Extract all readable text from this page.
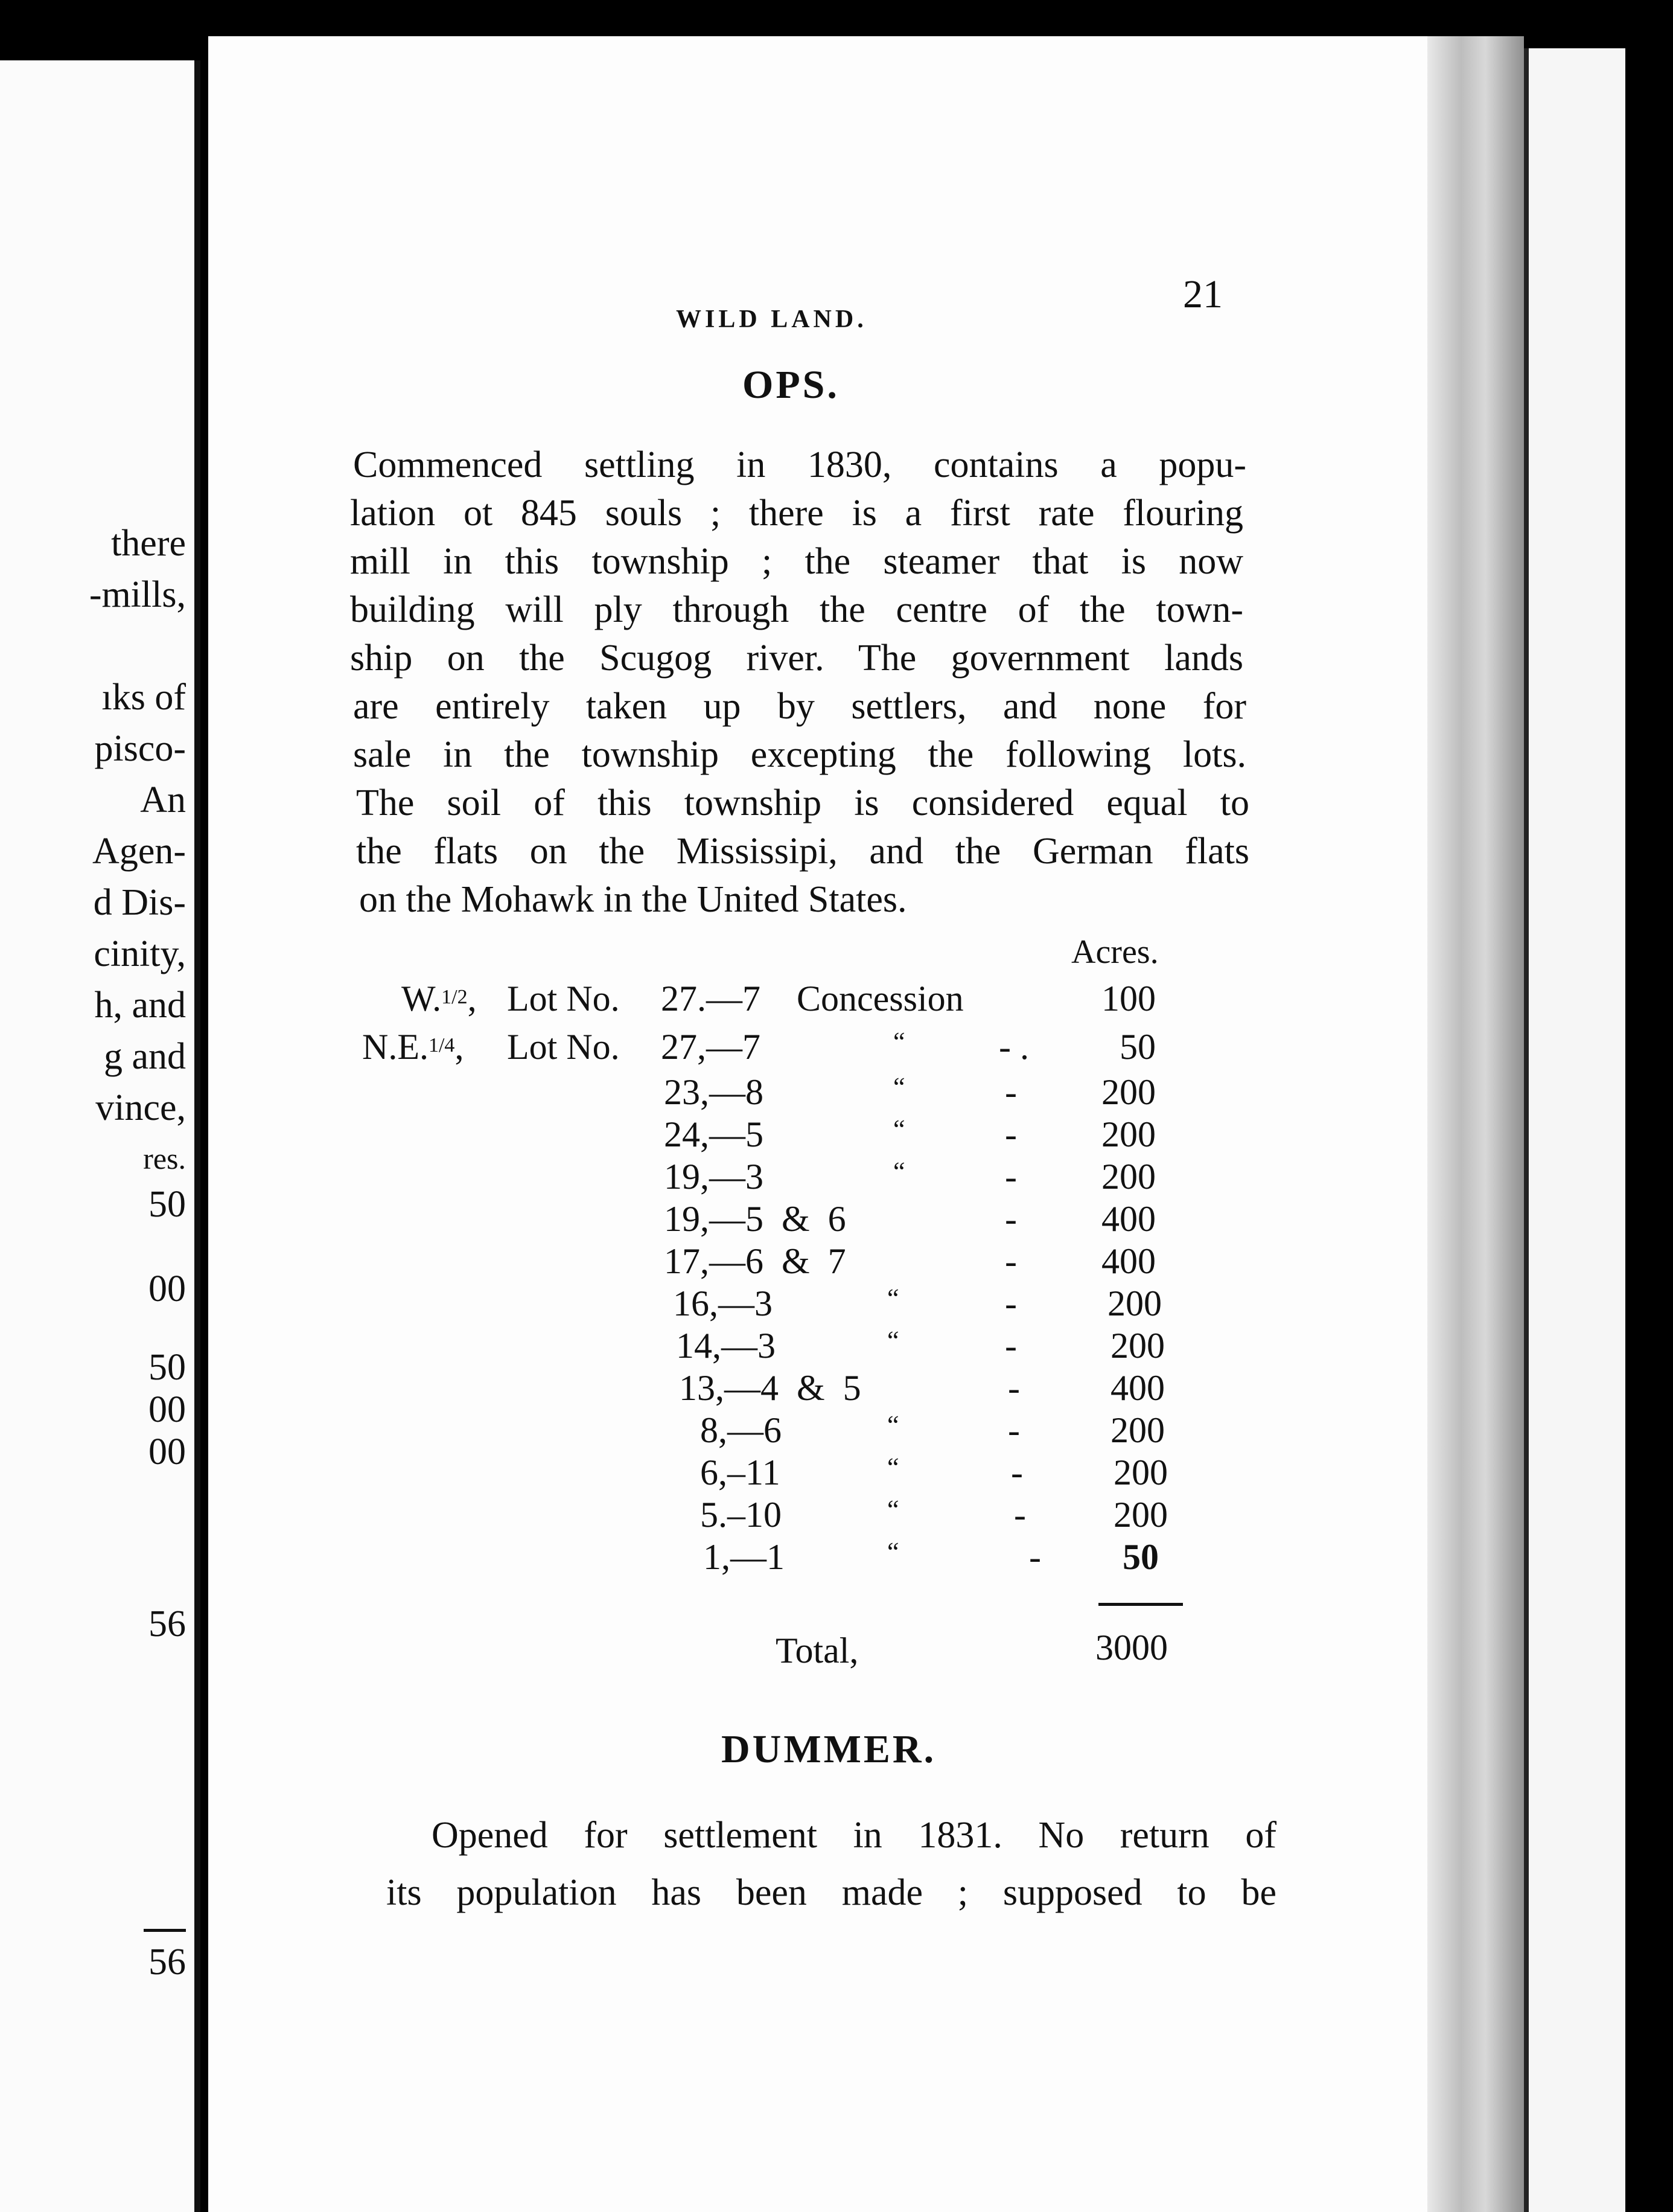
there
-mills,
ıks of
pisco-
An
Agen-
d Dis-
cinity,
h, and
g and
vince,
res.
50
00
50
00
00
56
56
WILD LAND.
21
OPS.
Commenced settling in 1830, contains a popu-
lation ot 845 souls ; there is a first rate flouring
mill in this township ; the steamer that is now
building will ply through the centre of the town-
ship on the Scugog river. The government lands
are entirely taken up by settlers, and none for
sale in the township excepting the following lots.
The soil of this township is considered equal to
the flats on the Mississipi, and the German flats
on the Mohawk in the United States.
Acres.
W.$^{1/2}$, Lot No. 27.—7 Concession	100
N.E.$^{1/4}$, Lot No. 27,—7	“	- .	50
23,—8	“	- 200
24,—5	“	- 200
19,—3	“	- 200
19,—5  &  6	- 400
17,—6  &  7	- 400
16,—3	“	-	200
14,—3	“	-	200
13,—4  &  5	-	400
8,—6	“	-	200
6,–11	“	-	200
5.–10	“	- 200
1,—1	“	- 50
Total,	3000
DUMMER.
Opened for settlement in 1831. No return of
its population has been made ; supposed to be
